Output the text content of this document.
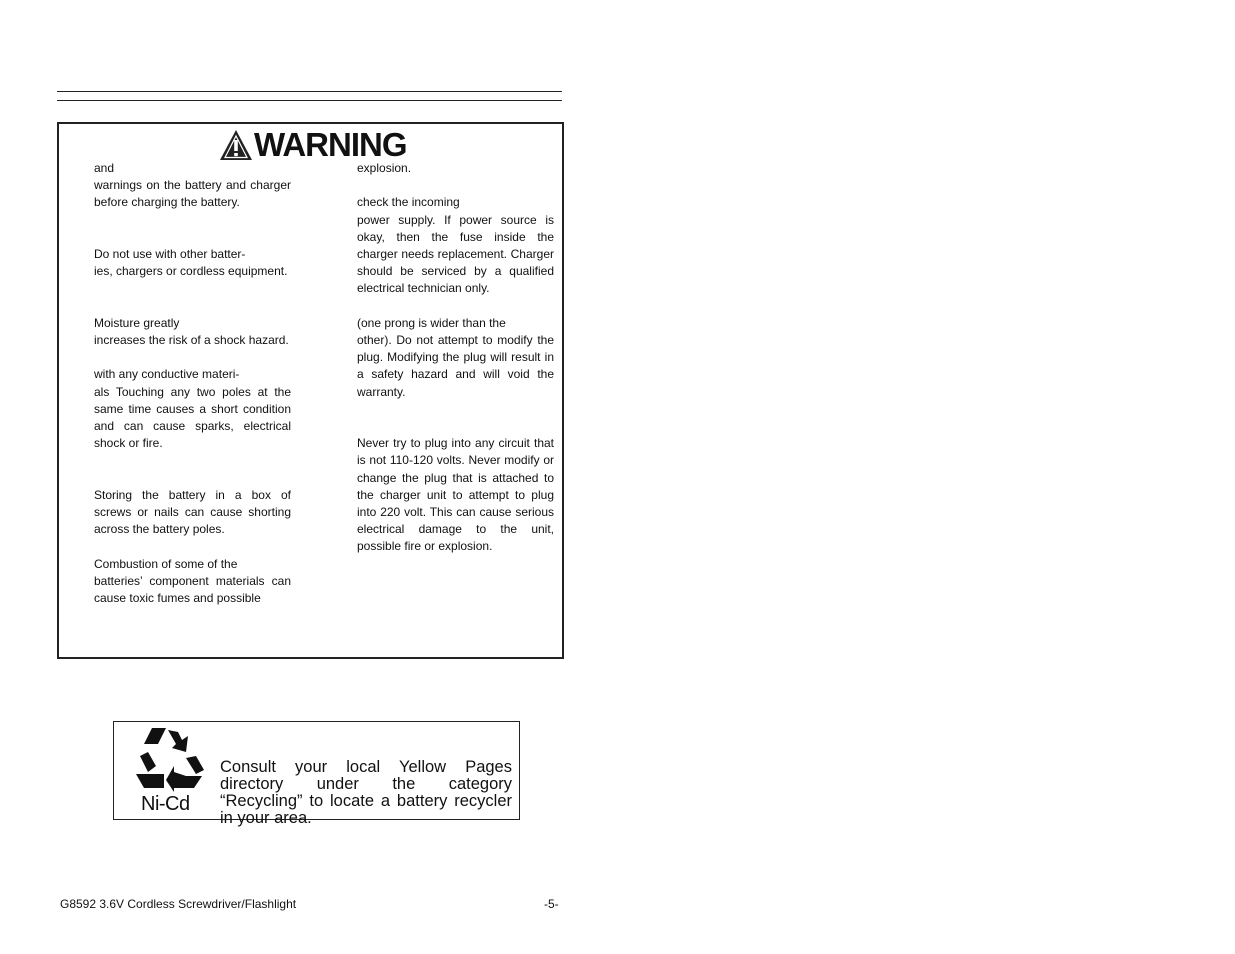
WARNING

and

warnings on the battery and charger before charging the battery.

Do not use with other batter-

ies, chargers or cordless equipment.

Moisture greatly

increases the risk of a shock hazard.

with any conductive materi-

als Touching any two poles at the same time causes a short condition and can cause sparks, electrical shock or fire.

Storing the battery in a box of screws or nails can cause shorting across the battery poles.

Combustion of some of the

batteries’ component materials can cause toxic fumes and possible

explosion.

check the incoming

power supply. If power source is okay, then the fuse inside the charger needs replacement. Charger should be serviced by a qualified electrical technician only.

(one prong is wider than the

other). Do not attempt to modify the plug. Modifying the plug will result in a safety hazard and will void the warranty.

Never try to plug into any circuit that is not 110-120 volts. Never modify or change the plug that is attached to the charger unit to attempt to plug into 220 volt. This can cause serious electrical damage to the unit, possible fire or explosion.

Ni-Cd
Consult your local Yellow Pages directory under the category “Recycling” to locate a battery recycler in your area.
G8592 3.6V Cordless Screwdriver/Flashlight	-5-
